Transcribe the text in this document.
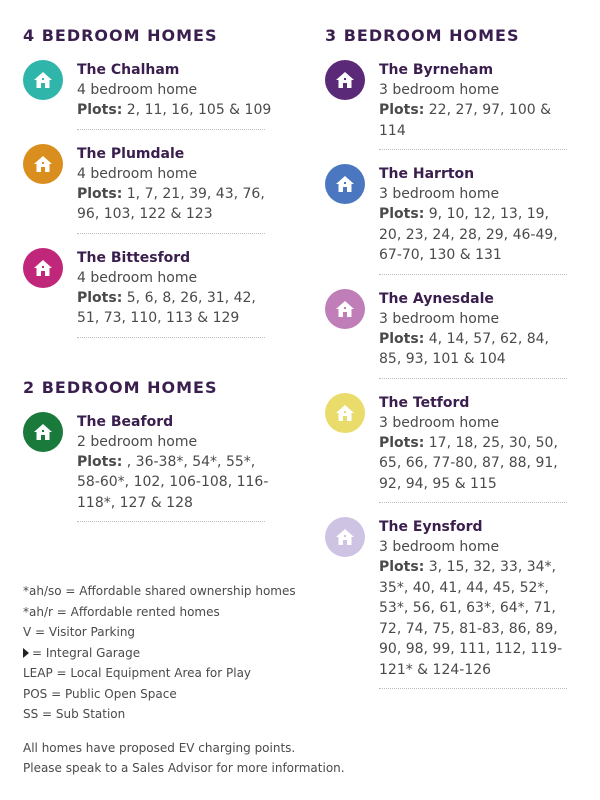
4 BEDROOM HOMES

The Chalham

4 bedroom home

Plots: 2, 11, 16, 105 & 109

The Plumdale

4 bedroom home

Plots: 1, 7, 21, 39, 43, 76, 96, 103, 122 & 123

The Bittesford

4 bedroom home

Plots: 5, 6, 8, 26, 31, 42, 51, 73, 110, 113 & 129

2 BEDROOM HOMES

The Beaford

2 bedroom home

Plots: , 36-38*, 54*, 55*, 58-60*, 102, 106-108, 116-118*, 127 & 128

3 BEDROOM HOMES

The Byrneham

3 bedroom home

Plots: 22, 27, 97, 100 & 114

The Harrton

3 bedroom home

Plots: 9, 10, 12, 13, 19, 20, 23, 24, 28, 29, 46-49, 67-70, 130 & 131

The Aynesdale

3 bedroom home

Plots: 4, 14, 57, 62, 84, 85, 93, 101 & 104

The Tetford

3 bedroom home

Plots: 17, 18, 25, 30, 50, 65, 66, 77-80, 87, 88, 91, 92, 94, 95 & 115

The Eynsford

3 bedroom home

Plots: 3, 15, 32, 33, 34*, 35*, 40, 41, 44, 45, 52*, 53*, 56, 61, 63*, 64*, 71, 72, 74, 75, 81-83, 86, 89, 90, 98, 99, 111, 112, 119-121* & 124-126

*ah/so = Affordable shared ownership homes

*ah/r = Affordable rented homes

V = Visitor Parking

= Integral Garage

LEAP = Local Equipment Area for Play

POS = Public Open Space

SS = Sub Station

All homes have proposed EV charging points.

Please speak to a Sales Advisor for more information.
